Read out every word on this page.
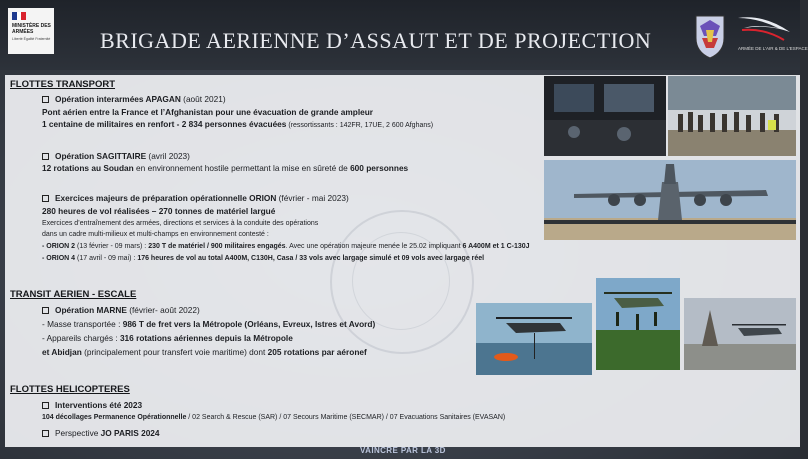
MINISTÈRE DES ARMÉES
Liberté Égalité Fraternité BRIGADE AERIENNE D’ASSAUT ET DE PROJECTION	ARMÉE DE L’AIR & DE L’ESPACE
FLOTTES TRANSPORT
Opération interarmées APAGAN (août 2021)
Pont aérien entre la France et l’Afghanistan pour une évacuation de grande ampleur
1 centaine de militaires en renfort - 2 834 personnes évacuées (ressortissants : 142FR, 17UE, 2 600 Afghans)
Opération SAGITTAIRE (avril 2023)
12 rotations au Soudan en environnement hostile permettant la mise en sûreté de 600 personnes
Exercices majeurs de préparation opérationnelle ORION (février - mai 2023)
280 heures de vol réalisées – 270 tonnes de matériel largué
Exercices d’entraînement des armées, directions et services à la conduite des opérations
dans un cadre multi-milieux et multi-champs en environnement contesté :
- ORION 2 (13 février - 09 mars) : 230 T de matériel / 900 militaires engagés. Avec une opération majeure menée le 25.02 impliquant 6 A400M et 1 C-130J
- ORION 4 (17 avril - 09 mai) : 176 heures de vol au total A400M, C130H, Casa / 33 vols avec largage simulé et 09 vols avec largage réel
TRANSIT AERIEN - ESCALE
Opération MARNE (février- août 2022)
- Masse transportée : 986 T de fret vers la Métropole (Orléans, Evreux, Istres et Avord)
- Appareils chargés : 316 rotations aériennes depuis la Métropole
et Abidjan (principalement pour transfert voie maritime) dont 205 rotations par aéronef
FLOTTES HELICOPTERES
Interventions été 2023
104 décollages Permanence Opérationnelle / 02 Search & Rescue (SAR) / 07 Secours Maritime (SECMAR) / 07 Evacuations Sanitaires (EVASAN)
Perspective JO PARIS 2024
VAINCRE PAR LA 3D
